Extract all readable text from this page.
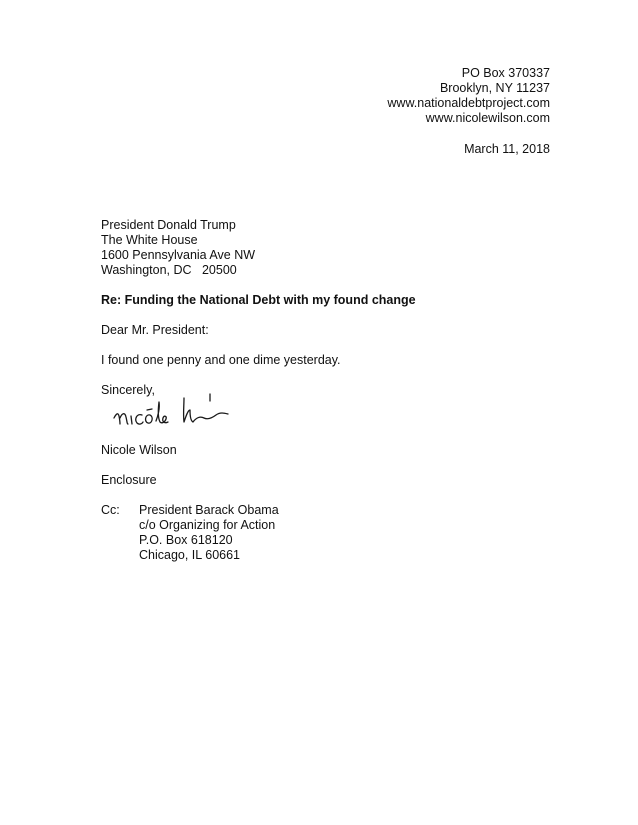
PO Box 370337
Brooklyn, NY 11237
www.nationaldebtproject.com
www.nicolewilson.com
March 11, 2018
President Donald Trump
The White House
1600 Pennsylvania Ave NW
Washington, DC   20500
Re: Funding the National Debt with my found change
Dear Mr. President:
I found one penny and one dime yesterday.
Sincerely,
Nicole Wilson
Enclosure
Cc: President Barack Obama
c/o Organizing for Action
P.O. Box 618120
Chicago, IL 60661
